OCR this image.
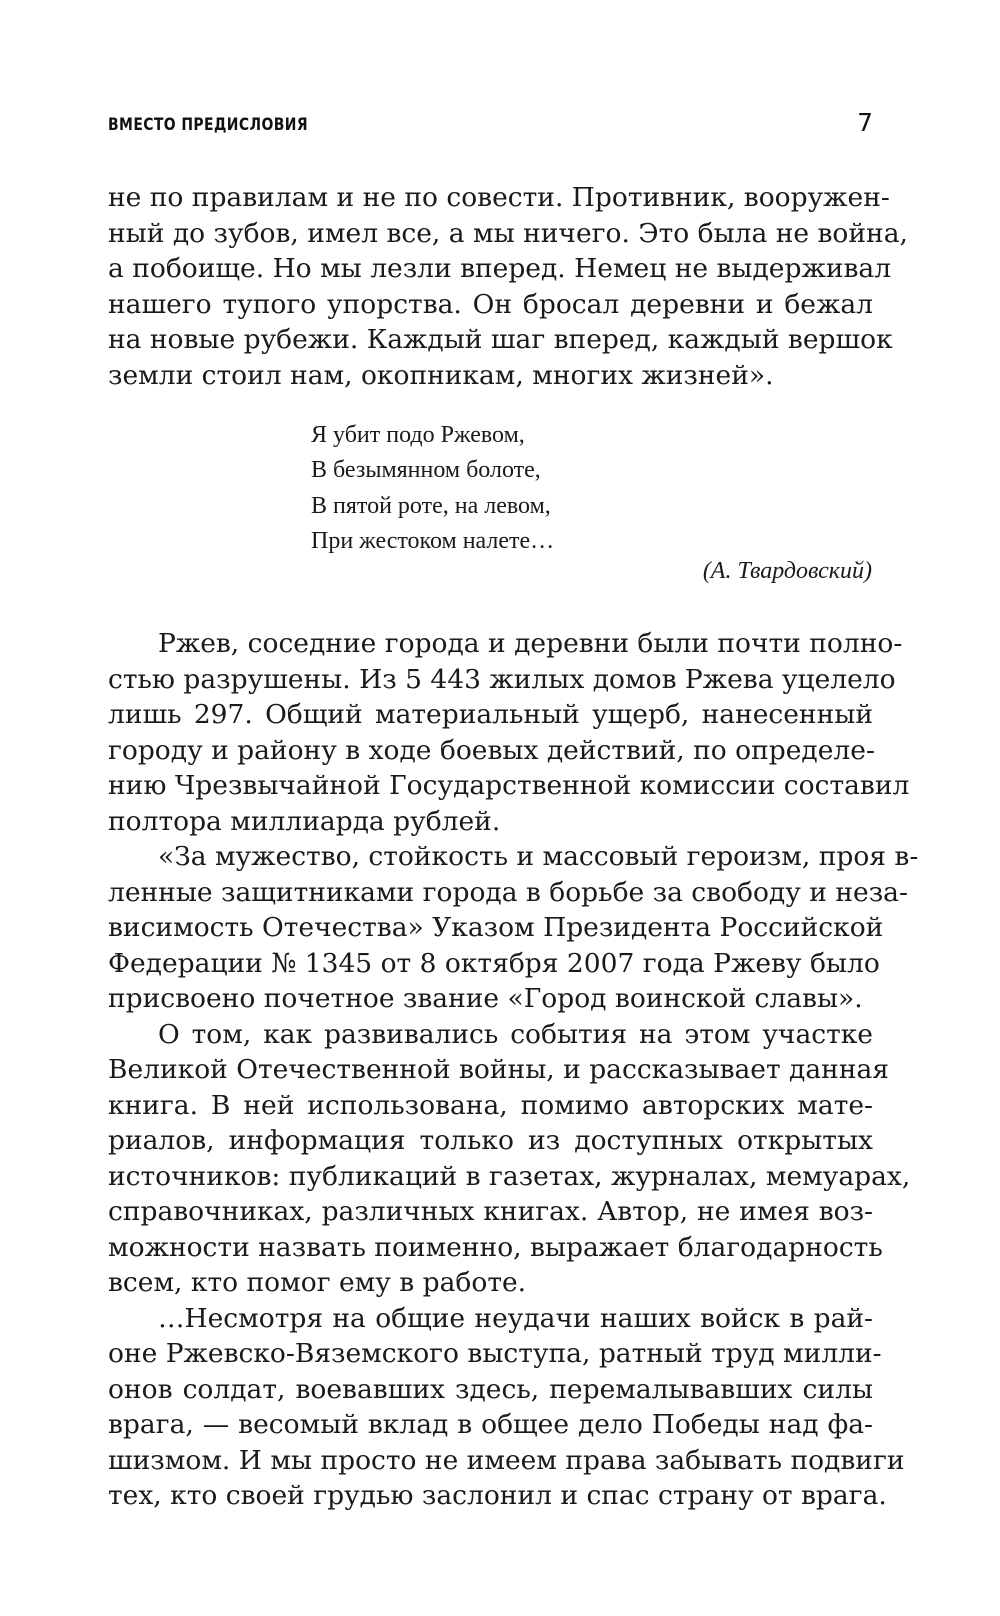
ВМЕСТО ПРЕДИСЛОВИЯ	7

не по правилам и не по совести. Противник, вооружен-
ный до зубов, имел все, а мы ничего. Это была не война,
а побоище. Но мы лезли вперед. Немец не выдерживал
нашего тупого упорства. Он бросал деревни и бежал
на новые рубежи. Каждый шаг вперед, каждый вершок
земли стоил нам, окопникам, многих жизней».

Я убит подо Ржевом,
В безымянном болоте,
В пятой роте, на левом,
При жестоком налете…
(А. Твардовский)

Ржев, соседние города и деревни были почти полно-
стью разрушены. Из 5 443 жилых домов Ржева уцелело
лишь 297. Общий материальный ущерб, нанесенный
городу и району в ходе боевых действий, по определе-
нию Чрезвычайной Государственной комиссии составил
полтора миллиарда рублей.

«За мужество, стойкость и массовый героизм, проя в-
ленные защитниками города в борьбе за свободу и неза-
висимость Отечества» Указом Президента Российской
Федерации № 1345 от 8 октября 2007 года Ржеву было
присвоено почетное звание «Город воинской славы».

О том, как развивались события на этом участке
Великой Отечественной войны, и рассказывает данная
книга. В ней использована, помимо авторских мате-
риалов, информация только из доступных открытых
источников: публикаций в газетах, журналах, мемуарах,
справочниках, различных книгах. Автор, не имея воз-
можности назвать поименно, выражает благодарность
всем, кто помог ему в работе.

…Несмотря на общие неудачи наших войск в рай-
оне Ржевско-Вяземского выступа, ратный труд милли-
онов солдат, воевавших здесь, перемалывавших силы
врага, — весомый вклад в общее дело Победы над фа-
шизмом. И мы просто не имеем права забывать подвиги
тех, кто своей грудью заслонил и спас страну от врага.
